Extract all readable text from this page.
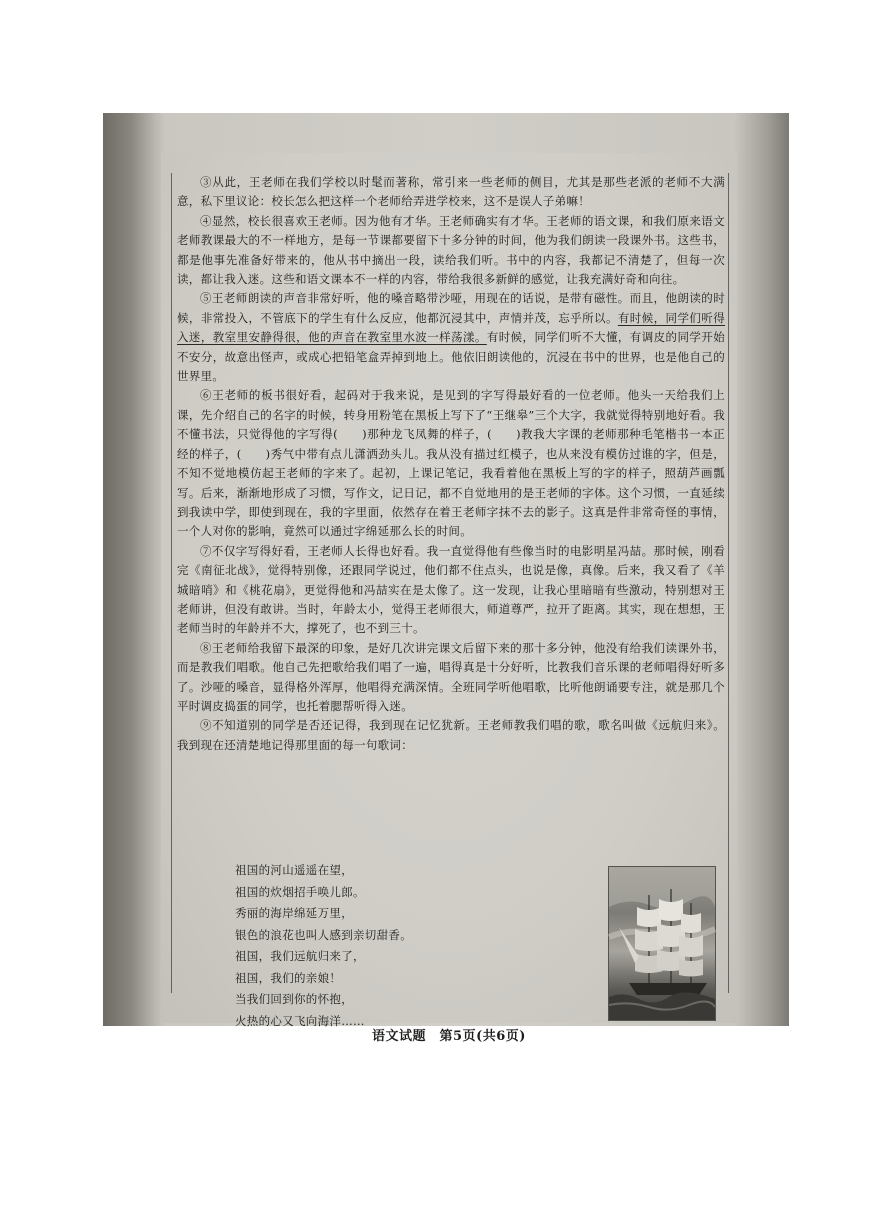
③从此，王老师在我们学校以时髦而著称，常引来一些老师的侧目，尤其是那些老派的老师不大满意，私下里议论：校长怎么把这样一个老师给弄进学校来，这不是误人子弟嘛！

④显然，校长很喜欢王老师。因为他有才华。王老师确实有才华。王老师的语文课，和我们原来语文老师教课最大的不一样地方，是每一节课都要留下十多分钟的时间，他为我们朗读一段课外书。这些书，都是他事先准备好带来的，他从书中摘出一段，读给我们听。书中的内容，我都记不清楚了，但每一次读，都让我入迷。这些和语文课本不一样的内容，带给我很多新鲜的感觉，让我充满好奇和向往。

⑤王老师朗读的声音非常好听，他的嗓音略带沙哑，用现在的话说，是带有磁性。而且，他朗读的时候，非常投入，不管底下的学生有什么反应，他都沉浸其中，声情并茂，忘乎所以。有时候，同学们听得入迷，教室里安静得很，他的声音在教室里水波一样荡漾。有时候，同学们听不大懂，有调皮的同学开始不安分，故意出怪声，或成心把铅笔盒弄掉到地上。他依旧朗读他的，沉浸在书中的世界，也是他自己的世界里。

⑥王老师的板书很好看，起码对于我来说，是见到的字写得最好看的一位老师。他头一天给我们上课，先介绍自己的名字的时候，转身用粉笔在黑板上写下了“王继皋”三个大字，我就觉得特别地好看。我不懂书法，只觉得他的字写得(　　)那种龙飞凤舞的样子，(　　)教我大字课的老师那种毛笔楷书一本正经的样子，(　　)秀气中带有点儿潇洒劲头儿。我从没有描过红模子，也从来没有模仿过谁的字，但是，不知不觉地模仿起王老师的字来了。起初，上课记笔记，我看着他在黑板上写的字的样子，照葫芦画瓢写。后来，渐渐地形成了习惯，写作文，记日记，都不自觉地用的是王老师的字体。这个习惯，一直延续到我读中学，即使到现在，我的字里面，依然存在着王老师字抹不去的影子。这真是件非常奇怪的事情，一个人对你的影响，竟然可以通过字绵延那么长的时间。

⑦不仅字写得好看，王老师人长得也好看。我一直觉得他有些像当时的电影明星冯喆。那时候，刚看完《南征北战》，觉得特别像，还跟同学说过，他们都不住点头，也说是像，真像。后来，我又看了《羊城暗哨》和《桃花扇》，更觉得他和冯喆实在是太像了。这一发现，让我心里暗暗有些激动，特别想对王老师讲，但没有敢讲。当时，年龄太小，觉得王老师很大，师道尊严，拉开了距离。其实，现在想想，王老师当时的年龄并不大，撑死了，也不到三十。

⑧王老师给我留下最深的印象，是好几次讲完课文后留下来的那十多分钟，他没有给我们读课外书，而是教我们唱歌。他自己先把歌给我们唱了一遍，唱得真是十分好听，比教我们音乐课的老师唱得好听多了。沙哑的嗓音，显得格外浑厚，他唱得充满深情。全班同学听他唱歌，比听他朗诵要专注，就是那几个平时调皮捣蛋的同学，也托着腮帮听得入迷。

⑨不知道别的同学是否还记得，我到现在记忆犹新。王老师教我们唱的歌，歌名叫做《远航归来》。我到现在还清楚地记得那里面的每一句歌词：

祖国的河山遥遥在望，
祖国的炊烟招手唤儿郎。
秀丽的海岸绵延万里，
银色的浪花也叫人感到亲切甜香。
祖国，我们远航归来了，
祖国，我们的亲娘！
当我们回到你的怀抱，
火热的心又飞向海洋……
语文试题　第5页(共6页)
